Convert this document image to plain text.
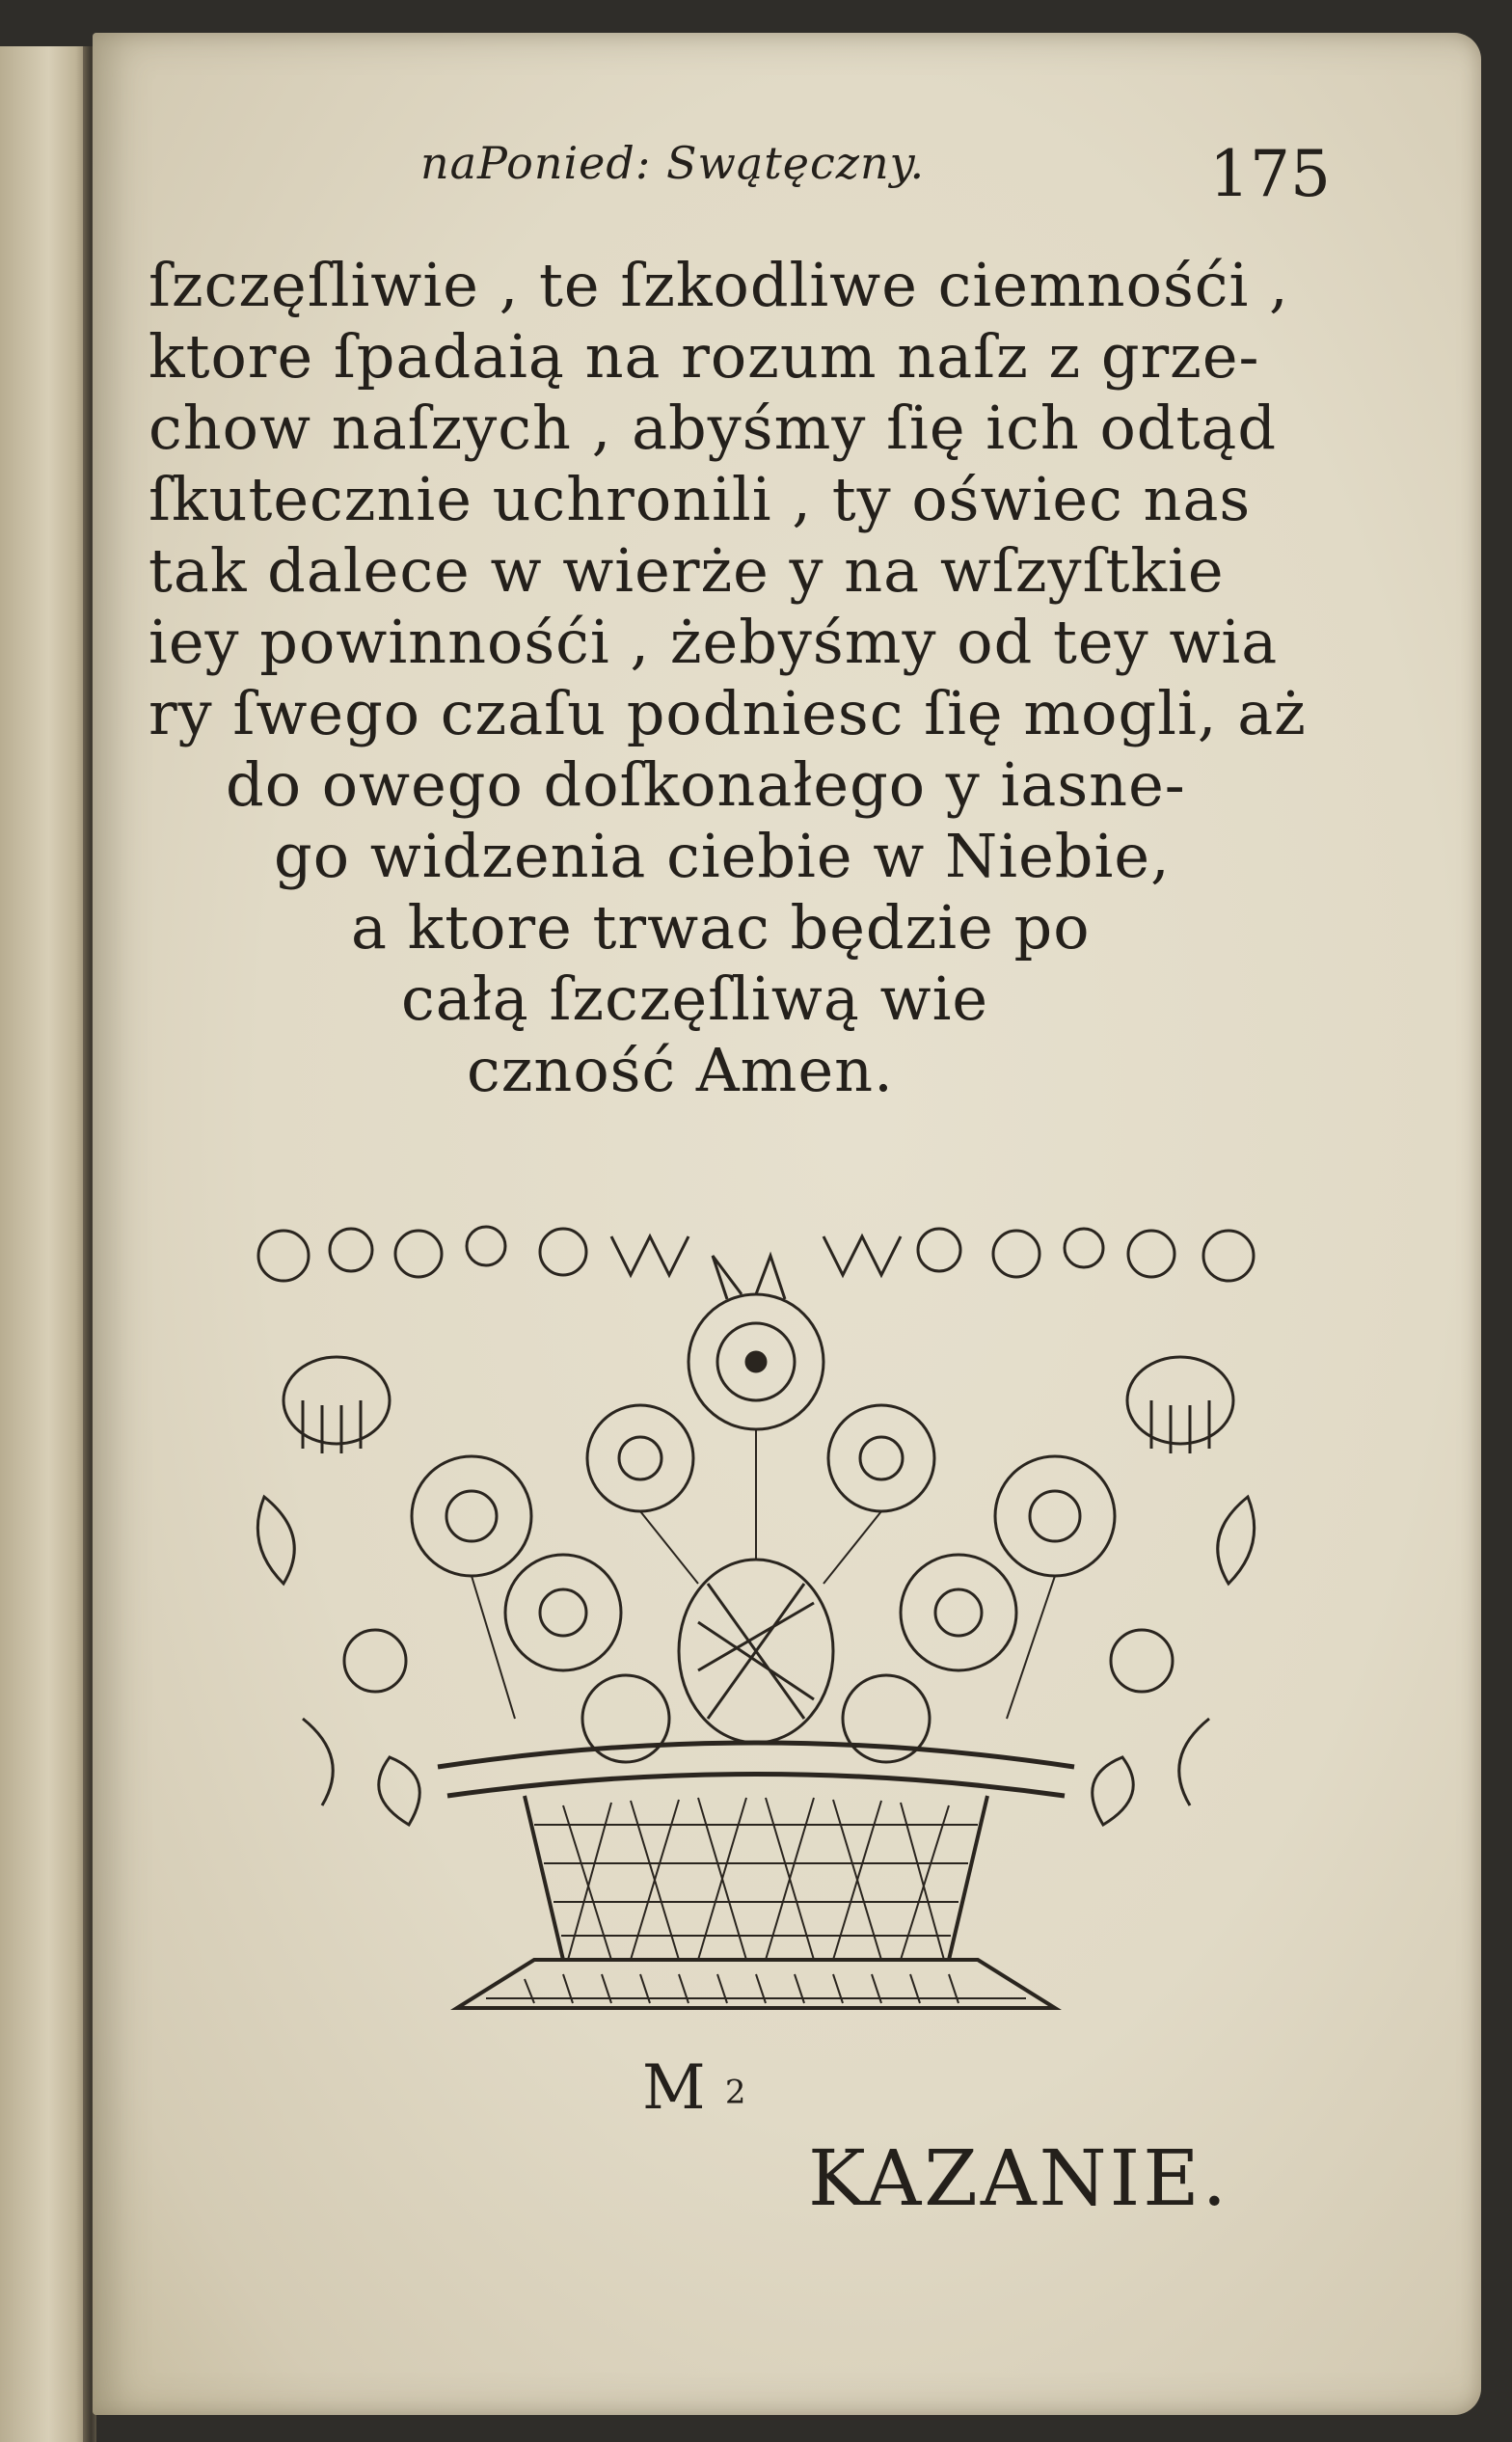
naPonied: Swątęczny.	175
ſzczęſliwie , te ſzkodliwe ciemnośći ,
ktore ſpadaią na rozum naſz z grze-
chow naſzych , abyśmy ſię ich odtąd
ſkutecznie uchronili , ty oświec nas
tak dalece w wierże y na wſzyſtkie
iey powinnośći , żebyśmy od tey wia
ry ſwego czaſu podniesc ſię mogli, aż
do owego doſkonałego y iasne-
go widzenia ciebie w Niebie,
a ktore trwac będzie po
całą ſzczęſliwą wie
czność Amen.
M 2
KAZANIE.
